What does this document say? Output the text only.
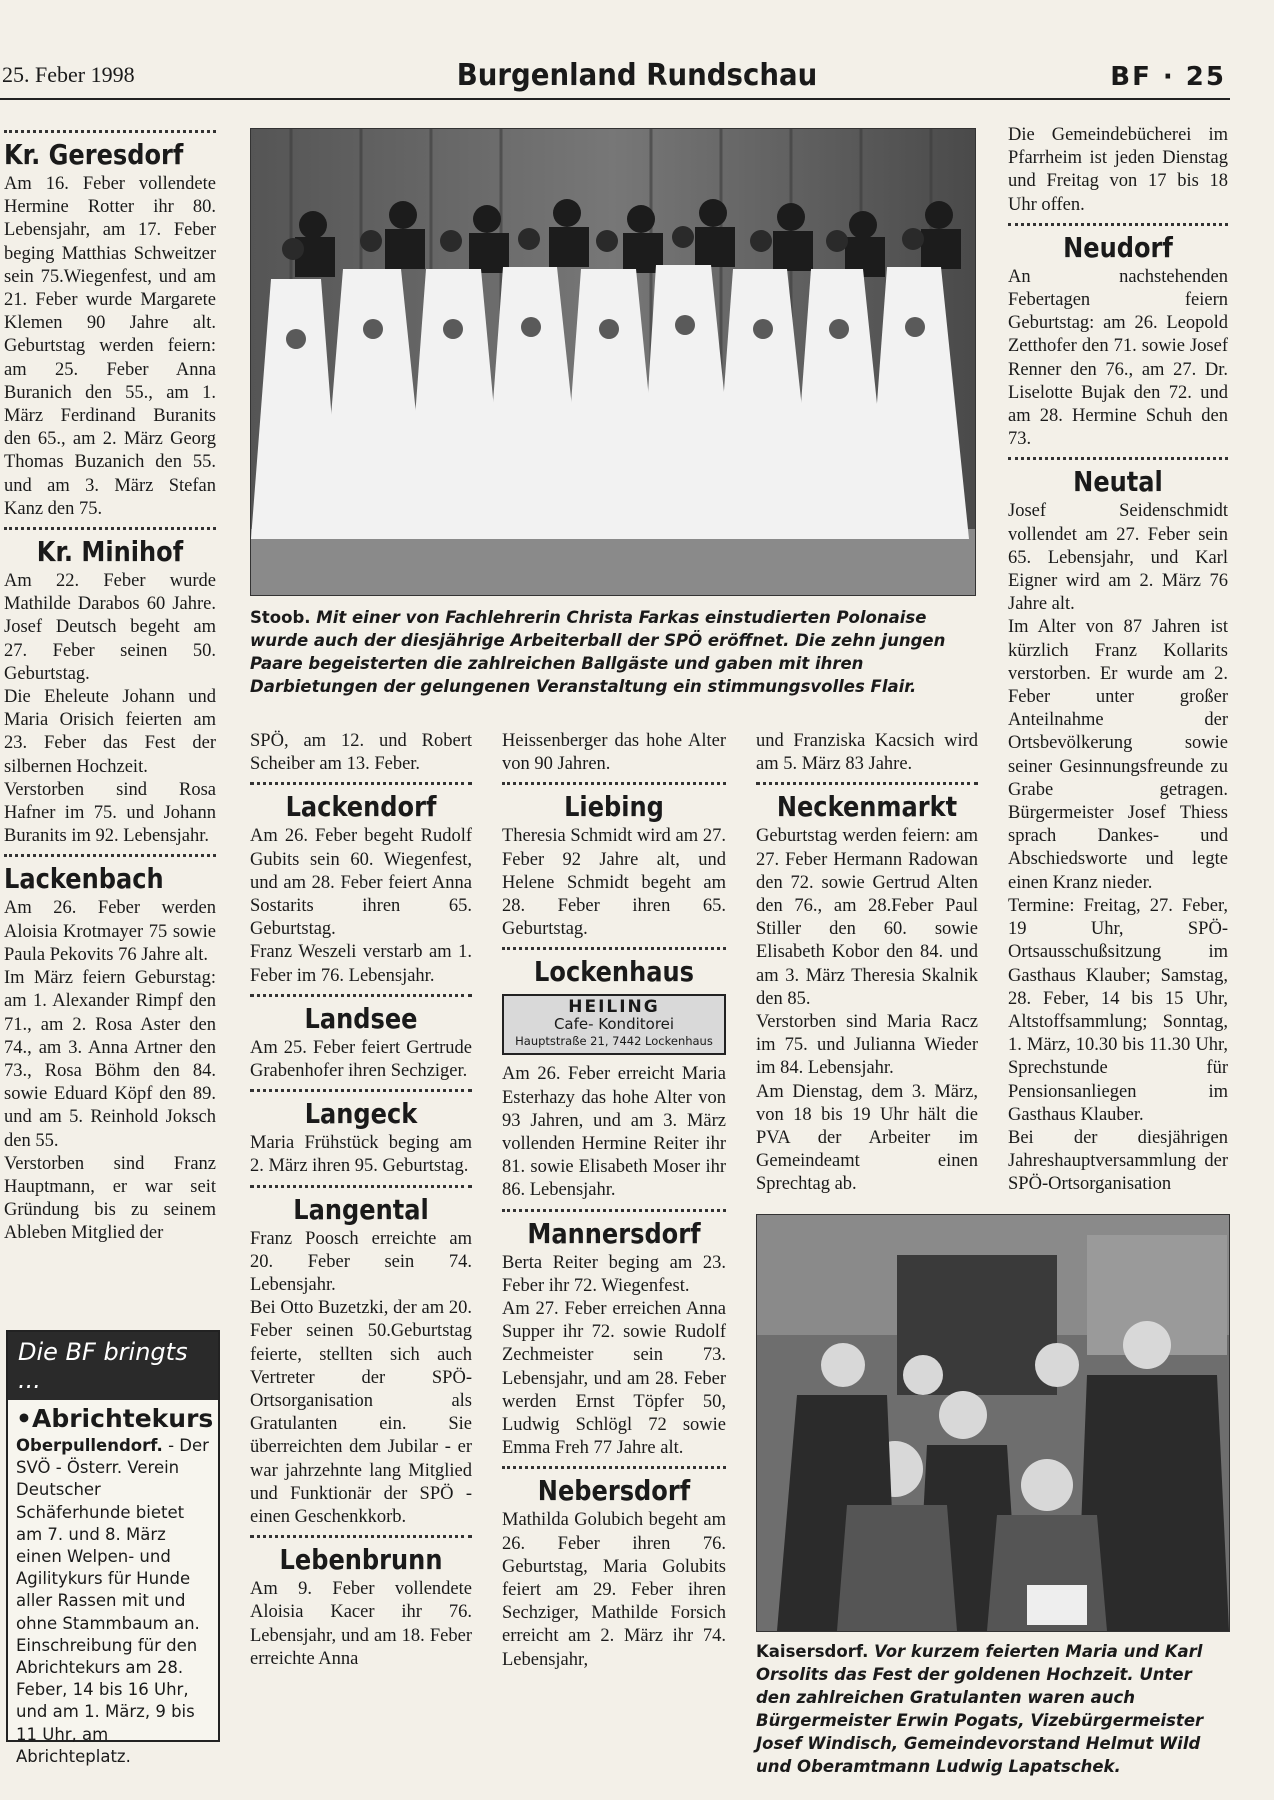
25. Feber 1998	Burgenland Rundschau	BF · 25
Kr. Geresdorf

Am 16. Feber vollendete Hermine Rotter ihr 80. Lebensjahr, am 17. Feber beging Matthias Schweitzer sein 75.Wiegenfest, und am 21. Feber wurde Margarete Klemen 90 Jahre alt. Geburtstag werden feiern: am 25. Feber Anna Buranich den 55., am 1. März Ferdinand Buranits den 65., am 2. März Georg Thomas Buzanich den 55. und am 3. März Stefan Kanz den 75.

Kr. Minihof

Am 22. Feber wurde Mathilde Darabos 60 Jahre. Josef Deutsch begeht am 27. Feber seinen 50. Geburtstag.

Die Eheleute Johann und Maria Orisich feierten am 23. Feber das Fest der silbernen Hochzeit.

Verstorben sind Rosa Hafner im 75. und Johann Buranits im 92. Lebensjahr.

Lackenbach

Am 26. Feber werden Aloisia Krotmayer 75 sowie Paula Pekovits 76 Jahre alt.

Im März feiern Geburstag: am 1. Alexander Rimpf den 71., am 2. Rosa Aster den 74., am 3. Anna Artner den 73., Rosa Böhm den 84. sowie Eduard Köpf den 89. und am 5. Reinhold Joksch den 55.

Verstorben sind Franz Hauptmann, er war seit Gründung bis zu seinem Ableben Mitglied der

Die BF bringts ...
•Abrichtekurs
Oberpullendorf. - Der SVÖ - Österr. Verein Deutscher Schäferhunde bietet am 7. und 8. März einen Welpen- und Agilitykurs für Hunde aller Rassen mit und ohne Stammbaum an. Einschreibung für den Abrichtekurs am 28. Feber, 14 bis 16 Uhr, und am 1. März, 9 bis 11 Uhr, am Abrichteplatz.
Stoob. Mit einer von Fachlehrerin Christa Farkas einstudierten Polonaise wurde auch der diesjährige Arbeiterball der SPÖ eröffnet. Die zehn jungen Paare begeisterten die zahlreichen Ballgäste und gaben mit ihren Darbietungen der gelungenen Veranstaltung ein stimmungsvolles Flair.

SPÖ, am 12. und Robert Scheiber am 13. Feber.

Lackendorf

Am 26. Feber begeht Rudolf Gubits sein 60. Wiegenfest, und am 28. Feber feiert Anna Sostarits ihren 65. Geburtstag.

Franz Weszeli verstarb am 1. Feber im 76. Lebensjahr.

Landsee

Am 25. Feber feiert Gertrude Grabenhofer ihren Sechziger.

Langeck

Maria Frühstück beging am 2. März ihren 95. Geburtstag.

Langental

Franz Poosch erreichte am 20. Feber sein 74. Lebensjahr.

Bei Otto Buzetzki, der am 20. Feber seinen 50.Geburtstag feierte, stellten sich auch Vertreter der SPÖ-Ortsorganisation als Gratulanten ein. Sie überreichten dem Jubilar - er war jahrzehnte lang Mitglied und Funktionär der SPÖ - einen Geschenkkorb.

Lebenbrunn

Am 9. Feber vollendete Aloisia Kacer ihr 76. Lebensjahr, und am 18. Feber erreichte Anna

Heissenberger das hohe Alter von 90 Jahren.

Liebing

Theresia Schmidt wird am 27. Feber 92 Jahre alt, und Helene Schmidt begeht am 28. Feber ihren 65. Geburtstag.

Lockenhaus
HEILING
Cafe- Konditorei
Hauptstraße 21, 7442 Lockenhaus

Am 26. Feber erreicht Maria Esterhazy das hohe Alter von 93 Jahren, und am 3. März vollenden Hermine Reiter ihr 81. sowie Elisabeth Moser ihr 86. Lebensjahr.

Mannersdorf

Berta Reiter beging am 23. Feber ihr 72. Wiegenfest.

Am 27. Feber erreichen Anna Supper ihr 72. sowie Rudolf Zechmeister sein 73. Lebensjahr, und am 28. Feber werden Ernst Töpfer 50, Ludwig Schlögl 72 sowie Emma Freh 77 Jahre alt.

Nebersdorf

Mathilda Golubich begeht am 26. Feber ihren 76. Geburtstag, Maria Golubits feiert am 29. Feber ihren Sechziger, Mathilde Forsich erreicht am 2. März ihr 74. Lebensjahr,

und Franziska Kacsich wird am 5. März 83 Jahre.

Neckenmarkt

Geburtstag werden feiern: am 27. Feber Hermann Radowan den 72. sowie Gertrud Alten den 76., am 28.Feber Paul Stiller den 60. sowie Elisabeth Kobor den 84. und am 3. März Theresia Skalnik den 85.

Verstorben sind Maria Racz im 75. und Julianna Wieder im 84. Lebensjahr.

Am Dienstag, dem 3. März, von 18 bis 19 Uhr hält die PVA der Arbeiter im Gemeindeamt einen Sprechtag ab.

Die Gemeindebücherei im Pfarrheim ist jeden Dienstag und Freitag von 17 bis 18 Uhr offen.

Neudorf

An nachstehenden Febertagen feiern Geburtstag: am 26. Leopold Zetthofer den 71. sowie Josef Renner den 76., am 27. Dr. Liselotte Bujak den 72. und am 28. Hermine Schuh den 73.

Neutal

Josef Seidenschmidt vollendet am 27. Feber sein 65. Lebensjahr, und Karl Eigner wird am 2. März 76 Jahre alt.

Im Alter von 87 Jahren ist kürzlich Franz Kollarits verstorben. Er wurde am 2. Feber unter großer Anteilnahme der Ortsbevölkerung sowie seiner Gesinnungsfreunde zu Grabe getragen. Bürgermeister Josef Thiess sprach Dankes- und Abschiedsworte und legte einen Kranz nieder.

Termine: Freitag, 27. Feber, 19 Uhr, SPÖ-Ortsausschußsitzung im Gasthaus Klauber; Samstag, 28. Feber, 14 bis 15 Uhr, Altstoffsammlung; Sonntag, 1. März, 10.30 bis 11.30 Uhr, Sprechstunde für Pensionsanliegen im Gasthaus Klauber.

Bei der diesjährigen Jahreshauptversammlung der SPÖ-Ortsorganisation

Kaisersdorf. Vor kurzem feierten Maria und Karl Orsolits das Fest der goldenen Hochzeit. Unter den zahlreichen Gratulanten waren auch Bürgermeister Erwin Pogats, Vizebürgermeister Josef Windisch, Gemeindevorstand Helmut Wild und Oberamtmann Ludwig Lapatschek.
